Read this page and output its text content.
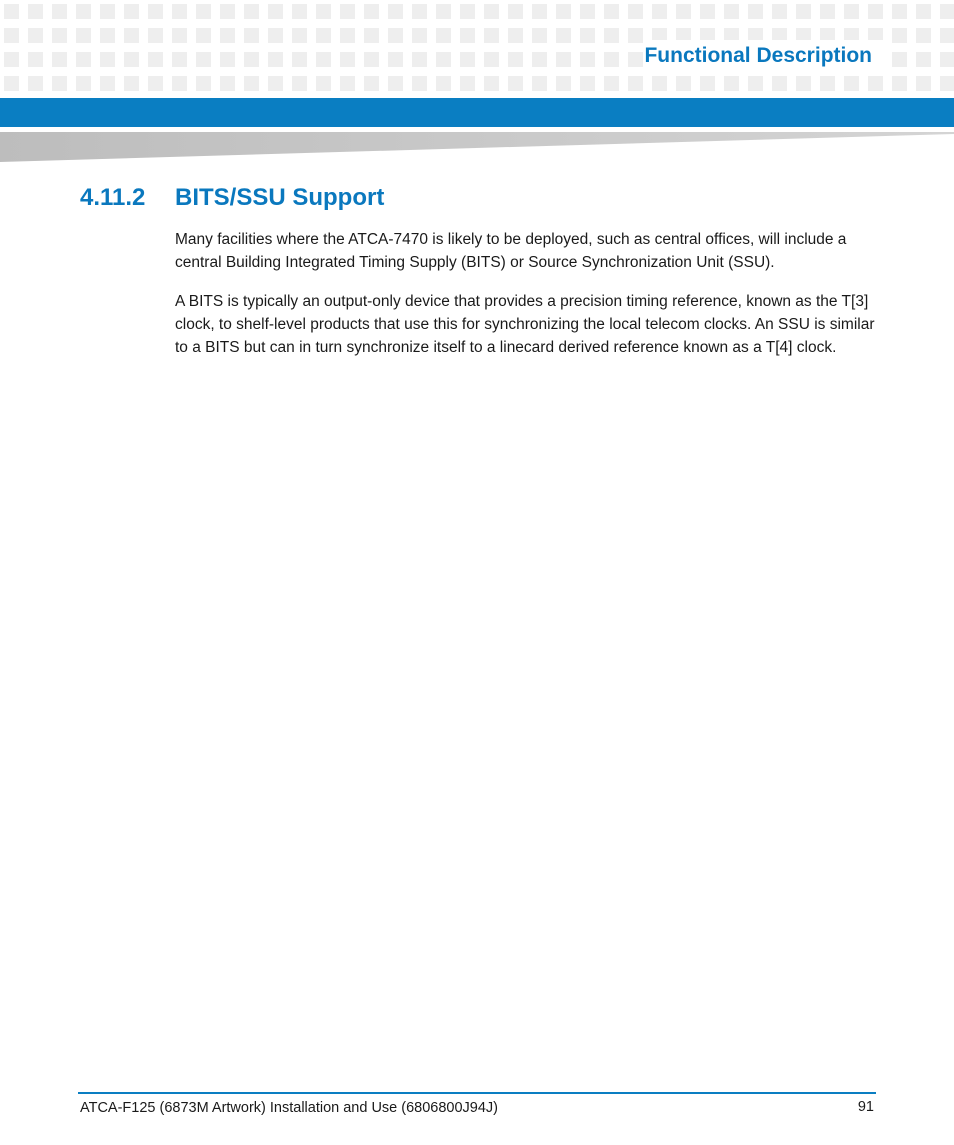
Functional Description
4.11.2 BITS/SSU Support

Many facilities where the ATCA-7470 is likely to be deployed, such as central offices, will include a central Building Integrated Timing Supply (BITS) or Source Synchronization Unit (SSU).

A BITS is typically an output-only device that provides a precision timing reference, known as the T[3] clock, to shelf-level products that use this for synchronizing the local telecom clocks. An SSU is similar to a BITS but can in turn synchronize itself to a linecard derived reference known as a T[4] clock.

ATCA-F125 (6873M Artwork) Installation and Use (6806800J94J)	91
